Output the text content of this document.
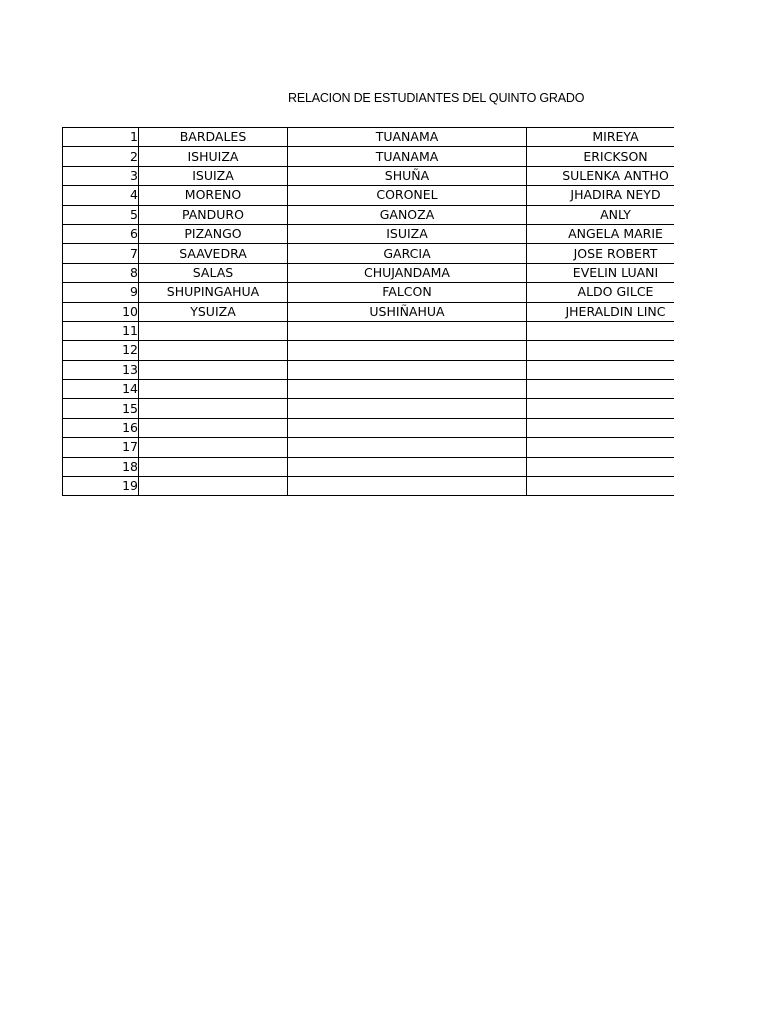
RELACION DE ESTUDIANTES DEL QUINTO GRADO
1	BARDALES	TUANAMA	MIREYA
2	ISHUIZA	TUANAMA	ERICKSON
3	ISUIZA	SHUÑA	SULENKA ANTHO
4	MORENO	CORONEL	JHADIRA NEYD
5	PANDURO	GANOZA	ANLY
6	PIZANGO	ISUIZA	ANGELA MARIE
7	SAAVEDRA	GARCIA	JOSE ROBERT
8	SALAS	CHUJANDAMA	EVELIN LUANI
9	SHUPINGAHUA	FALCON	ALDO GILCE
10	YSUIZA	USHIÑAHUA	JHERALDIN LINC
11			
12			
13			
14			
15			
16			
17			
18			
19			
